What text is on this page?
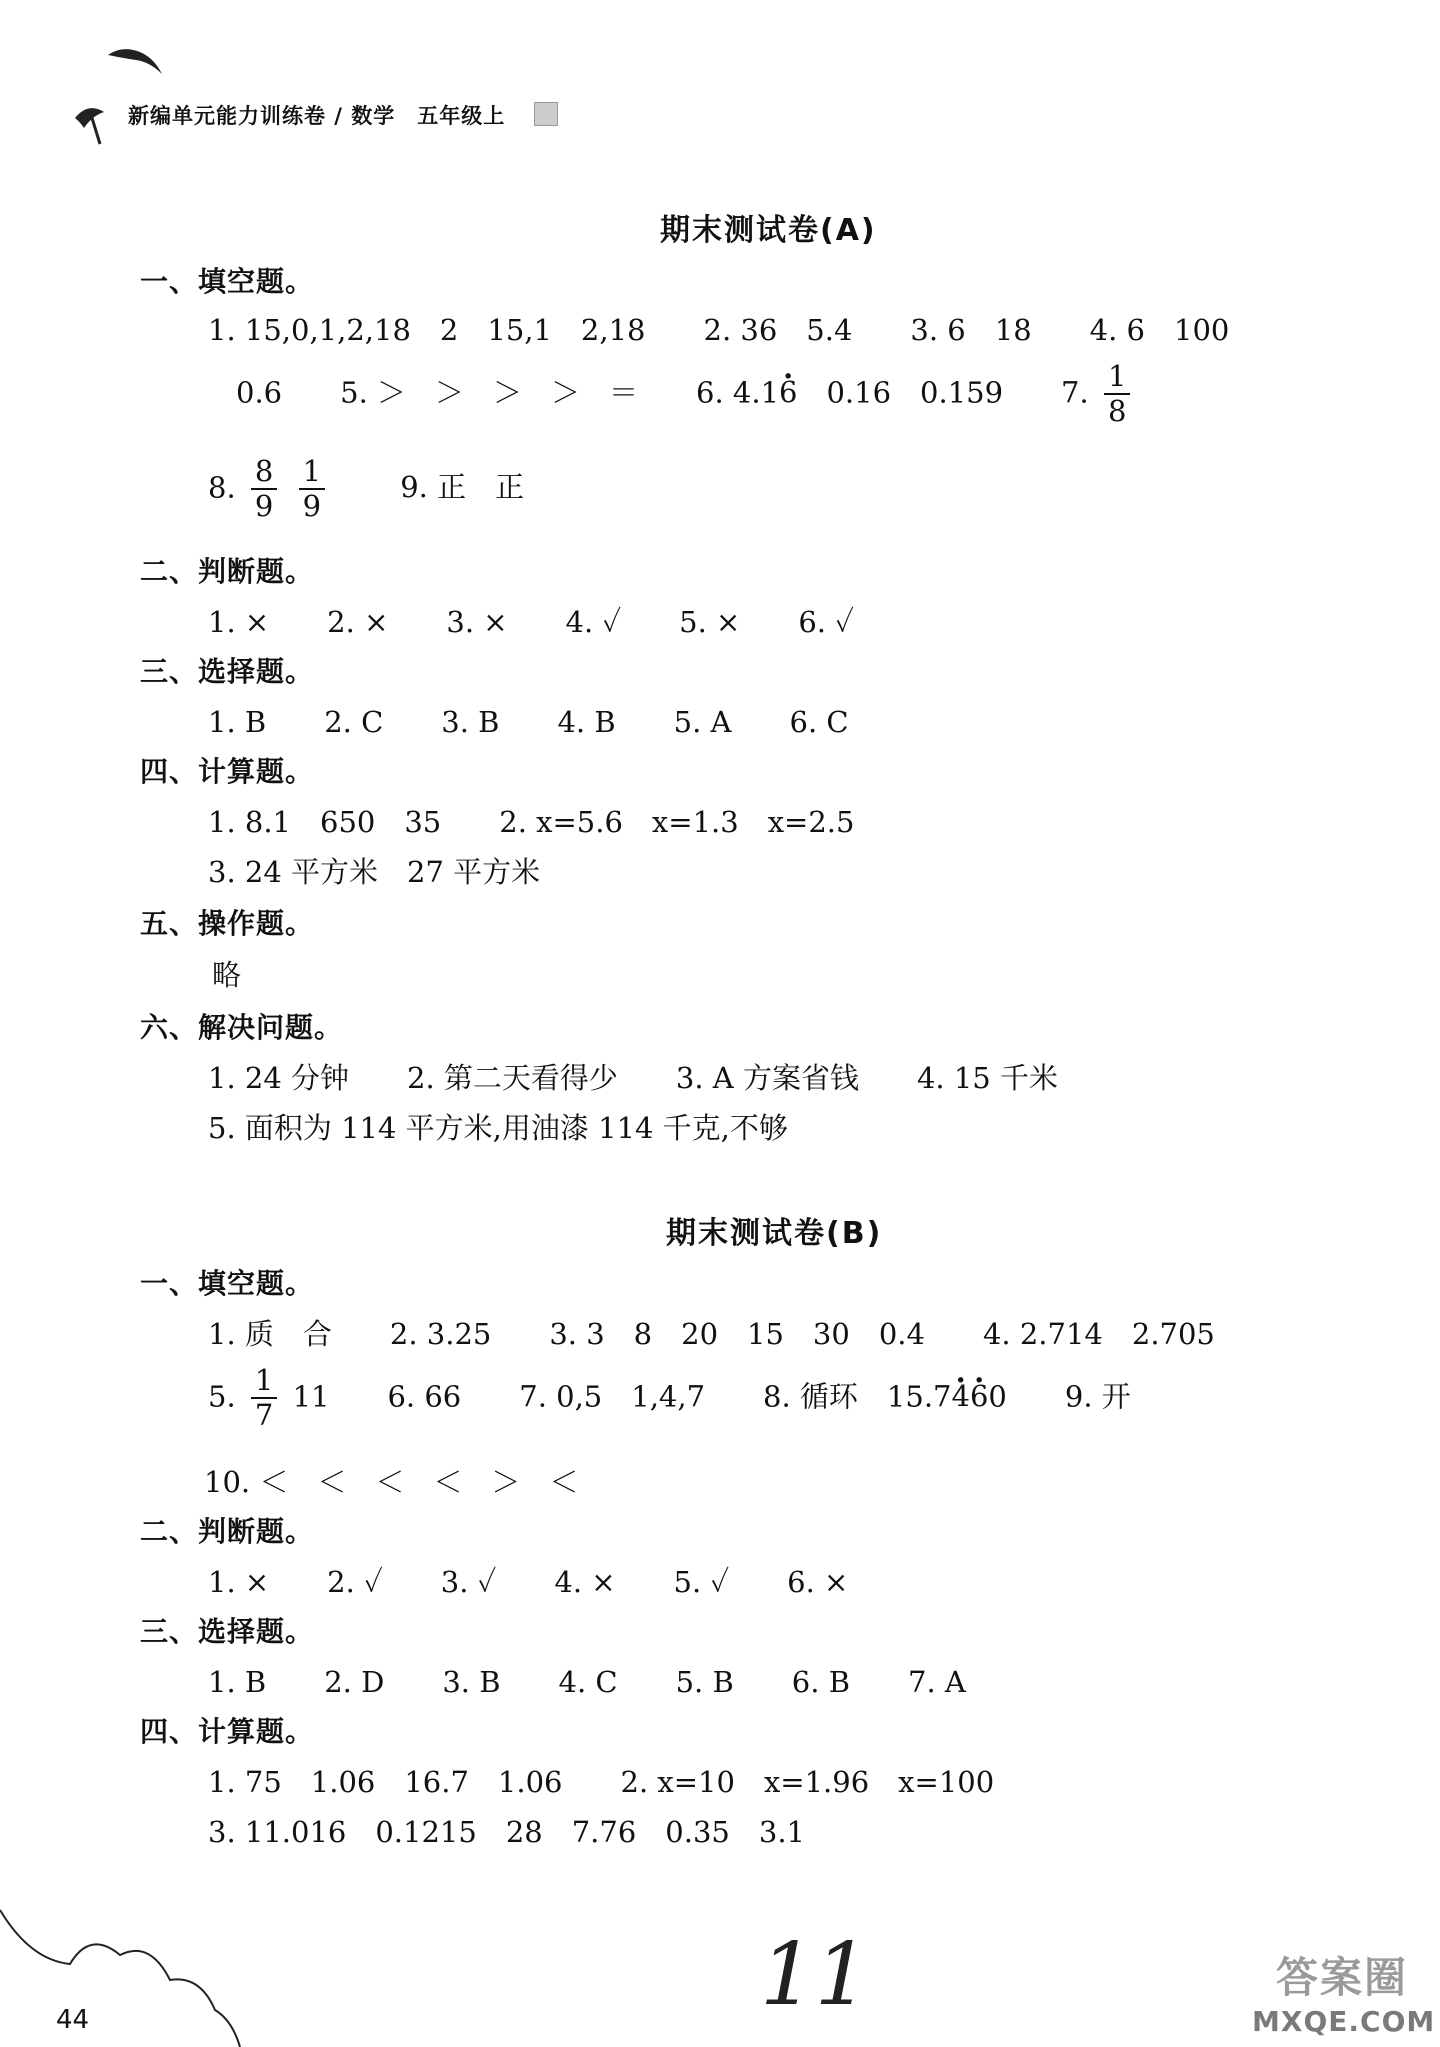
新编单元能力训练卷 / 数学　五年级上
期末测试卷(A)
一、填空题。
1. 15,0,1,2,18　2　15,1　2,18　　2. 36　5.4　　3. 6　18　　4. 6　100
0.6　　5. ＞　＞　＞　＞　＝　　6. 4.1· 6　0.16　0.159　　7. $\frac{1}{8}$
8. $\frac{8}{9}$
$\frac{1}{9}$	9. 正　正
二、判断题。
1. ×　　2. ×　　3. ×　　4. ✓　　5. ×　　6. ✓
三、选择题。
1. B　　2. C　　3. B　　4. B　　5. A　　6. C
四、计算题。
1. 8.1　650　35　　2. x=5.6　x=1.3　x=2.5
3. 24 平方米　27 平方米
五、操作题。
略
六、解决问题。
1. 24 分钟　　2. 第二天看得少　　3. A 方案省钱　　4. 15 千米
5. 面积为 114 平方米,用油漆 114 千克,不够
期末测试卷(B)
一、填空题。
1. 质　合　　2. 3.25　　3. 3　8　20　15　30　0.4　　4. 2.714　2.705
5. $\frac{1}{7} 11$　　6. 66　　7. 0,5　1,4,7　　8. 循环　15.7· 4· 60　　9. 开
10. ＜　＜　＜　＜　＞　＜
二、判断题。
1. ×　　2. ✓　　3. ✓　　4. ×　　5. ✓　　6. ×
三、选择题。
1. B　　2. D　　3. B　　4. C　　5. B　　6. B　　7. A
四、计算题。
1. 75　1.06　16.7　1.06　　2. x=10　x=1.96　x=100
3. 11.016　0.1215　28　7.76　0.35　3.1
44	11	答案圈
MXQE.COM
